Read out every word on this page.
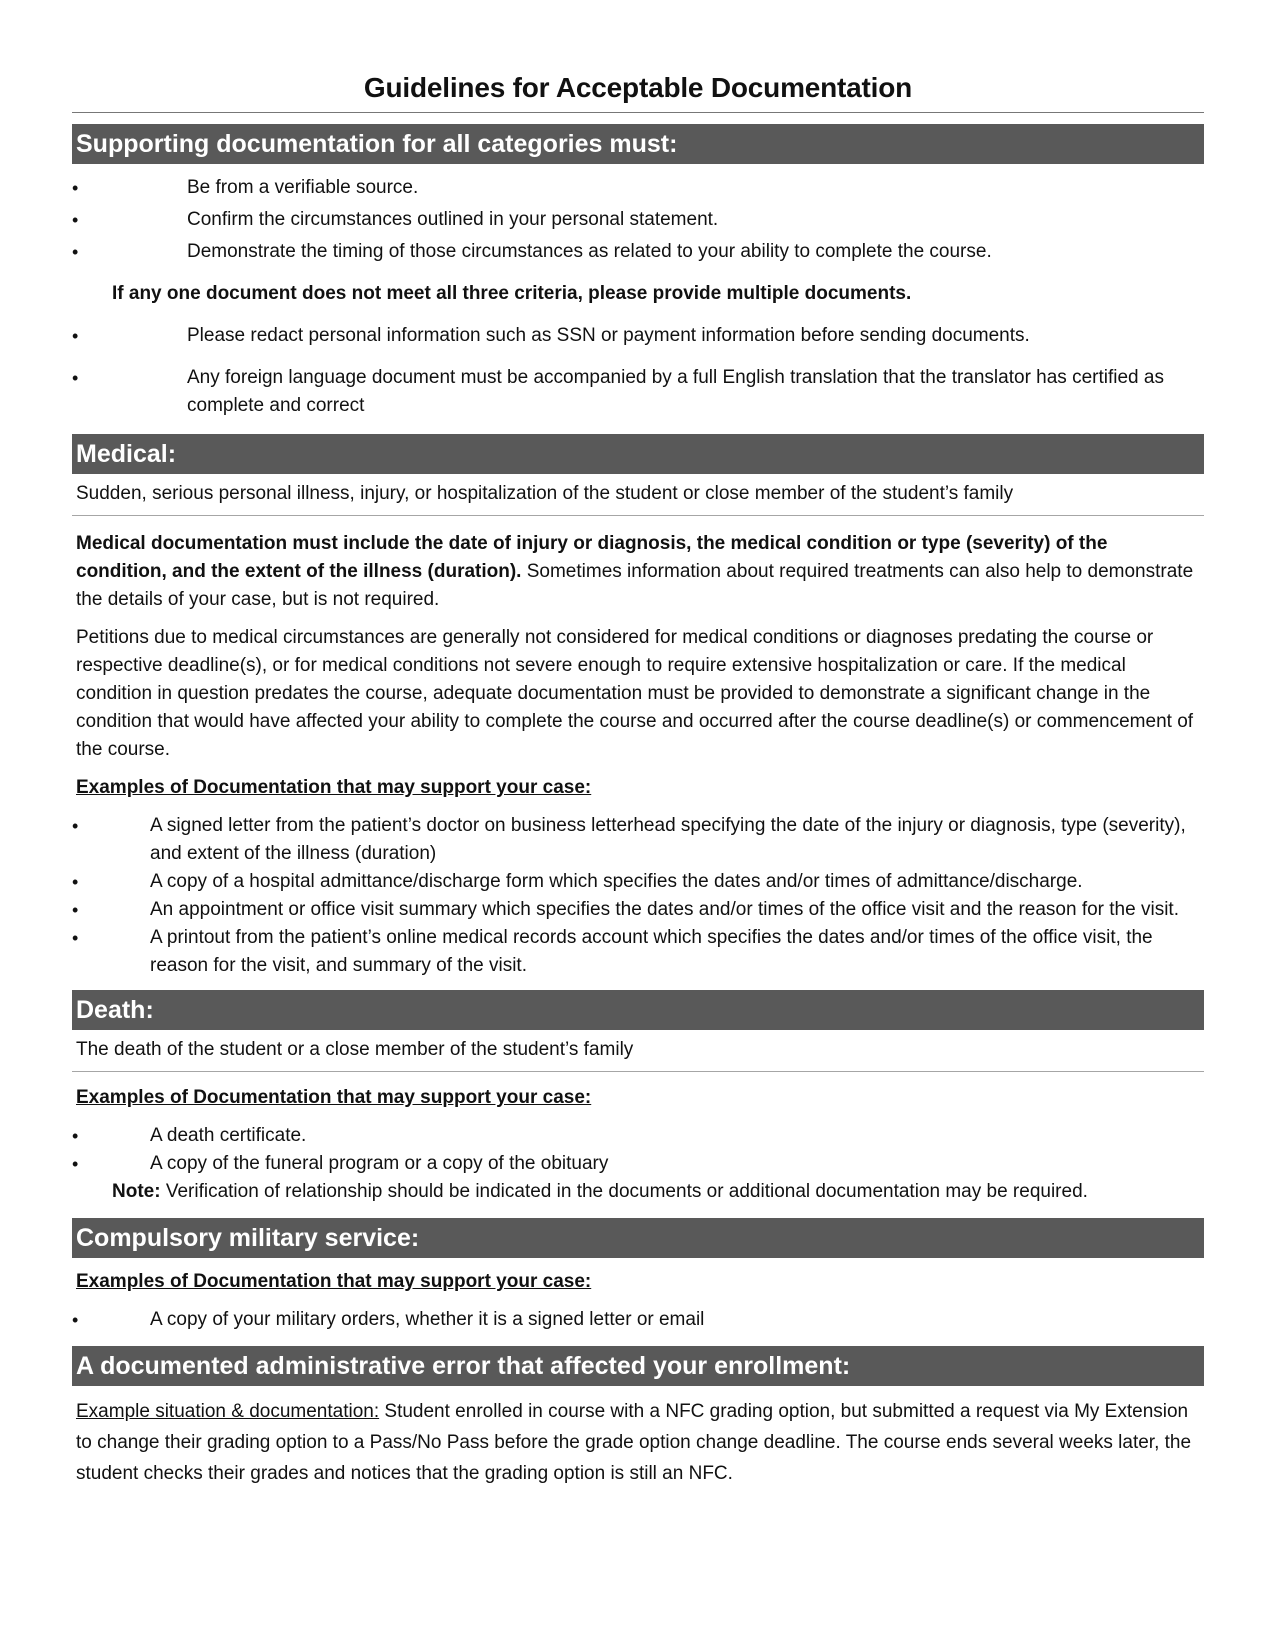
Guidelines for Acceptable Documentation
Supporting documentation for all categories must:
•	Be from a verifiable source.
•	Confirm the circumstances outlined in your personal statement.
•	Demonstrate the timing of those circumstances as related to your ability to complete the course.
If any one document does not meet all three criteria, please provide multiple documents.
•	Please redact personal information such as SSN or payment information before sending documents.
•	Any foreign language document must be accompanied by a full English translation that the translator has certified as complete and correct
Medical:
Sudden, serious personal illness, injury, or hospitalization of the student or close member of the student’s family
Medical documentation must include the date of injury or diagnosis, the medical condition or type (severity) of the condition, and the extent of the illness (duration). Sometimes information about required treatments can also help to demonstrate the details of your case, but is not required.
Petitions due to medical circumstances are generally not considered for medical conditions or diagnoses predating the course or respective deadline(s), or for medical conditions not severe enough to require extensive hospitalization or care. If the medical condition in question predates the course, adequate documentation must be provided to demonstrate a significant change in the condition that would have affected your ability to complete the course and occurred after the course deadline(s) or commencement of the course.
Examples of Documentation that may support your case:
•	A signed letter from the patient’s doctor on business letterhead specifying the date of the injury or diagnosis, type (severity), and extent of the illness (duration)
•	A copy of a hospital admittance/discharge form which specifies the dates and/or times of admittance/discharge.
•	An appointment or office visit summary which specifies the dates and/or times of the office visit and the reason for the visit.
•	A printout from the patient’s online medical records account which specifies the dates and/or times of the office visit, the reason for the visit, and summary of the visit.
Death:
The death of the student or a close member of the student’s family
Examples of Documentation that may support your case:
•	A death certificate.
•	A copy of the funeral program or a copy of the obituary
Note: Verification of relationship should be indicated in the documents or additional documentation may be required.
Compulsory military service:
Examples of Documentation that may support your case:
•	A copy of your military orders, whether it is a signed letter or email
A documented administrative error that affected your enrollment:
Example situation & documentation: Student enrolled in course with a NFC grading option, but submitted a request via My Extension to change their grading option to a Pass/No Pass before the grade option change deadline. The course ends several weeks later, the student checks their grades and notices that the grading option is still an NFC.
